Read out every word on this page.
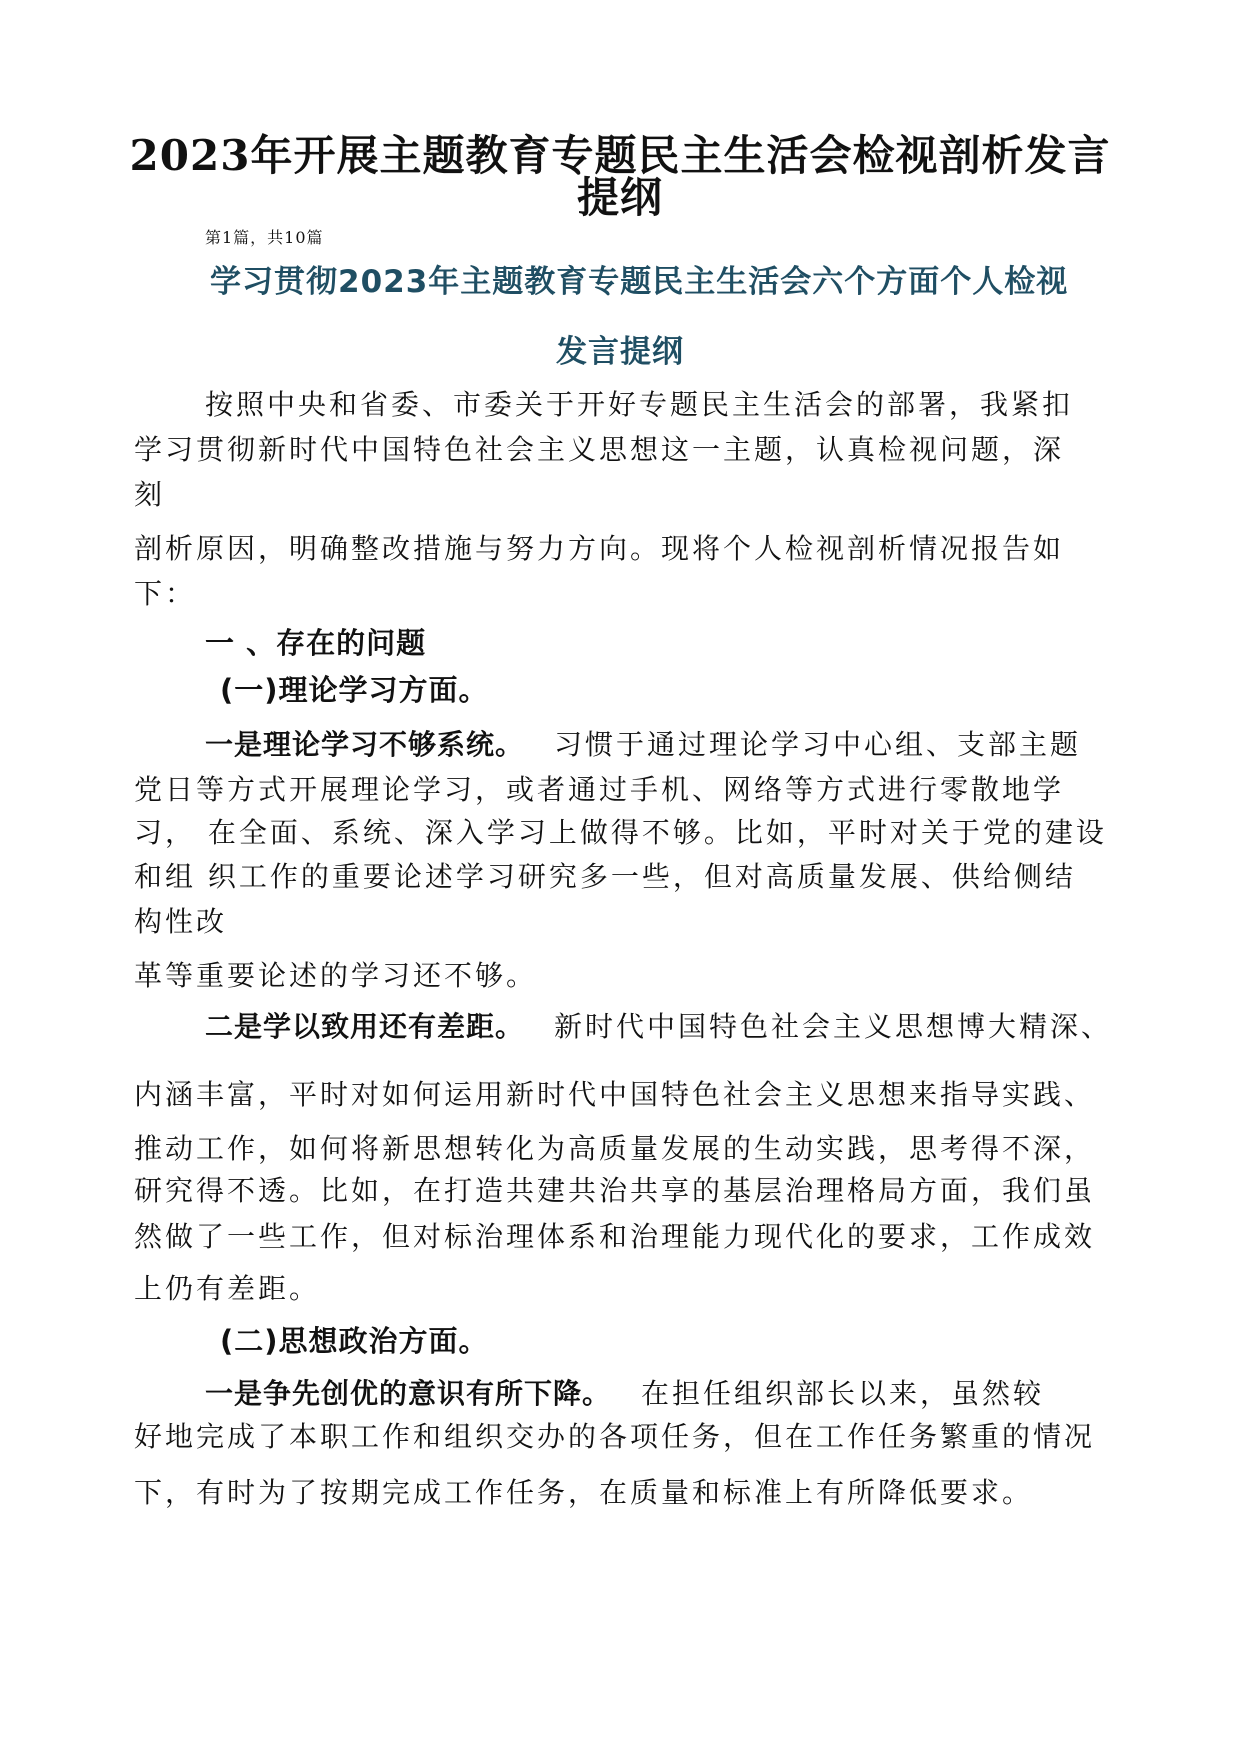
2023年开展主题教育专题民主生活会检视剖析发言
提纲
第1篇，共10篇
学习贯彻2023年主题教育专题民主生活会六个方面个人检视
发言提纲
按照中央和省委、市委关于开好专题民主生活会的部署，我紧扣
学习贯彻新时代中国特色社会主义思想这一主题，认真检视问题，深
刻
剖析原因，明确整改措施与努力方向。现将个人检视剖析情况报告如
下：
一 、存在的问题
(一)理论学习方面。
一是理论学习不够系统。 习惯于通过理论学习中心组、支部主题
党日等方式开展理论学习，或者通过手机、网络等方式进行零散地学
习， 在全面、系统、深入学习上做得不够。比如，平时对关于党的建设
和组 织工作的重要论述学习研究多一些，但对高质量发展、供给侧结
构性改
革等重要论述的学习还不够。
二是学以致用还有差距。 新时代中国特色社会主义思想博大精深、
内涵丰富，平时对如何运用新时代中国特色社会主义思想来指导实践、
推动工作，如何将新思想转化为高质量发展的生动实践，思考得不深，
研究得不透。比如，在打造共建共治共享的基层治理格局方面，我们虽
然做了一些工作，但对标治理体系和治理能力现代化的要求，工作成效
上仍有差距。
(二)思想政治方面。
一是争先创优的意识有所下降。 在担任组织部长以来，虽然较
好地完成了本职工作和组织交办的各项任务，但在工作任务繁重的情况
下，有时为了按期完成工作任务，在质量和标准上有所降低要求。
